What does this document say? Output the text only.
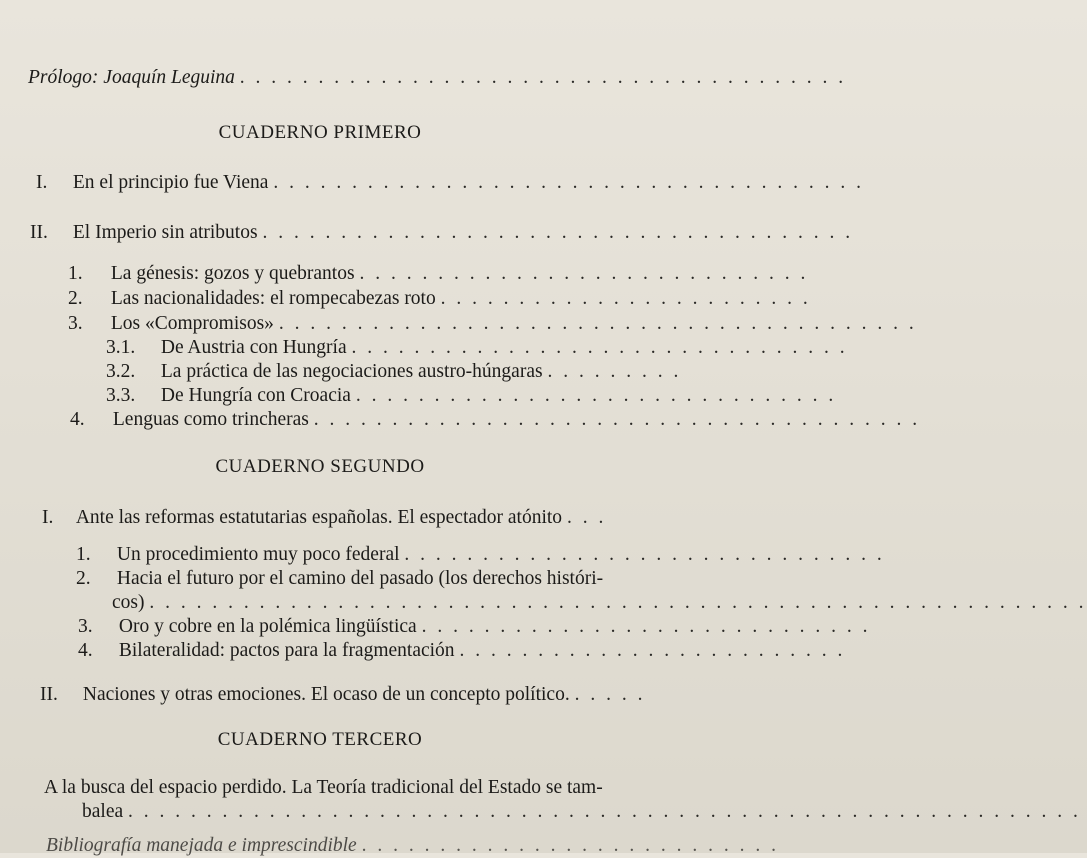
Prólogo: Joaquín Leguina . . . . . . . . . . . . . . . . . . . . . . . . . . . . . . . . . . . . . . .
CUADERNO PRIMERO
I. En el principio fue Viena . . . . . . . . . . . . . . . . . . . . . . . . . . . . . . . . . . . . . .
II. El Imperio sin atributos . . . . . . . . . . . . . . . . . . . . . . . . . . . . . . . . . . . . . .
1. La génesis: gozos y quebrantos . . . . . . . . . . . . . . . . . . . . . . . . . . . . .
2. Las nacionalidades: el rompecabezas roto . . . . . . . . . . . . . . . . . . . . . . . .
3. Los «Compromisos» . . . . . . . . . . . . . . . . . . . . . . . . . . . . . . . . . . . . . . . . .
3.1. De Austria con Hungría . . . . . . . . . . . . . . . . . . . . . . . . . . . . . . . .
3.2. La práctica de las negociaciones austro-húngaras . . . . . . . . .
3.3. De Hungría con Croacia . . . . . . . . . . . . . . . . . . . . . . . . . . . . . . .
4. Lenguas como trincheras . . . . . . . . . . . . . . . . . . . . . . . . . . . . . . . . . . . . . . .
CUADERNO SEGUNDO
I. Ante las reformas estatutarias españolas. El espectador atónito . . .
1. Un procedimiento muy poco federal . . . . . . . . . . . . . . . . . . . . . . . . . . . . . . .
2. Hacia el futuro por el camino del pasado (los derechos históri-
cos) . . . . . . . . . . . . . . . . . . . . . . . . . . . . . . . . . . . . . . . . . . . . . . . . . . . . . . . . . . . .
3. Oro y cobre en la polémica lingüística . . . . . . . . . . . . . . . . . . . . . . . . . . . . .
4. Bilateralidad: pactos para la fragmentación . . . . . . . . . . . . . . . . . . . . . . . . .
II. Naciones y otras emociones. El ocaso de un concepto político. . . . . .
CUADERNO TERCERO
A la busca del espacio perdido. La Teoría tradicional del Estado se tam-
balea . . . . . . . . . . . . . . . . . . . . . . . . . . . . . . . . . . . . . . . . . . . . . . . . . . . . . . . . . . . . .
Bibliografía manejada e imprescindible . . . . . . . . . . . . . . . . . . . . . . . . . . .
